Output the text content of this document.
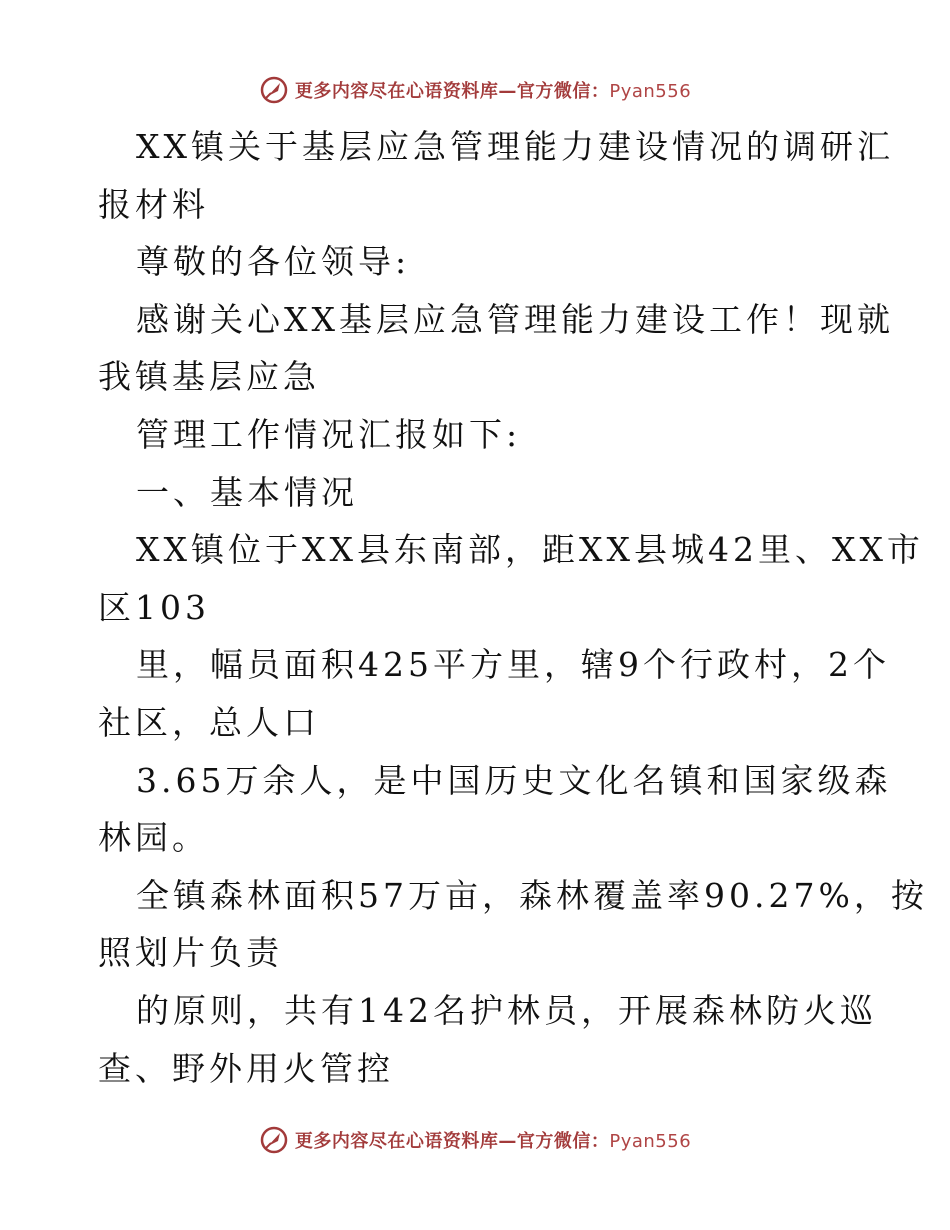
更多内容尽在心语资料库—官方微信：Pyan556
XX镇关于基层应急管理能力建设情况的调研汇
报材料
尊敬的各位领导:
感谢关心XX基层应急管理能力建设工作！现就
我镇基层应急
管理工作情况汇报如下:
一、基本情况
XX镇位于XX县东南部，距XX县城42里、XX市
区103
里，幅员面积425平方里，辖9个行政村，2个
社区，总人口
3.65万余人，是中国历史文化名镇和国家级森
林园。
全镇森林面积57万亩，森林覆盖率90.27%，按
照划片负责
的原则，共有142名护林员，开展森林防火巡
查、野外用火管控
更多内容尽在心语资料库—官方微信：Pyan556
